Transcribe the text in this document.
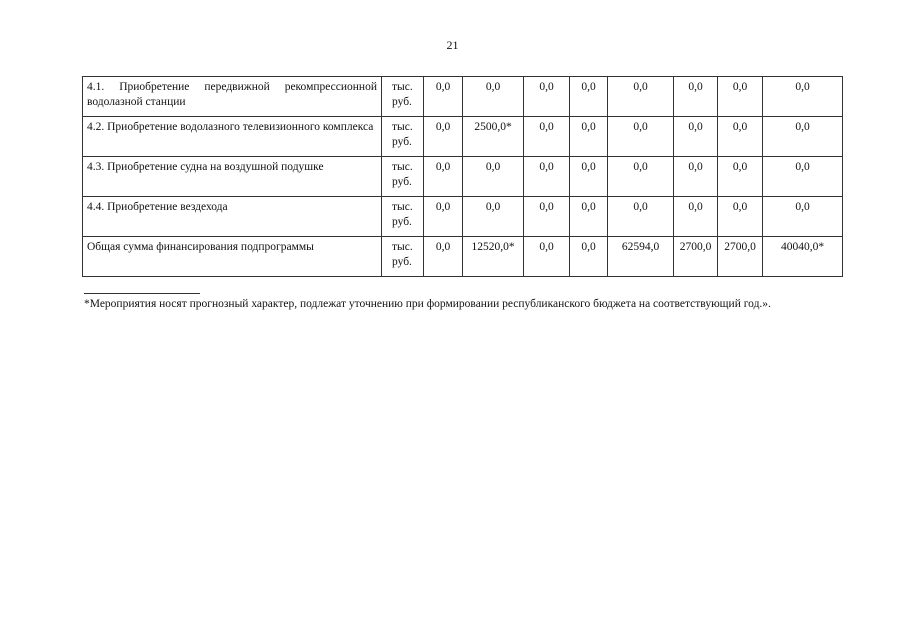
21
4.1. Приобретение передвижной рекомпрессионной водолазной станции	тыс. руб.	0,0	0,0	0,0	0,0	0,0	0,0	0,0	0,0
4.2. Приобретение водолазного телевизионного комплекса	тыс. руб.	0,0	2500,0*	0,0	0,0	0,0	0,0	0,0	0,0
4.3. Приобретение судна на воздушной подушке	тыс. руб.	0,0	0,0	0,0	0,0	0,0	0,0	0,0	0,0
4.4. Приобретение вездехода	тыс. руб.	0,0	0,0	0,0	0,0	0,0	0,0	0,0	0,0
Общая сумма финансирования подпрограммы	тыс. руб.	0,0	12520,0*	0,0	0,0	62594,0	2700,0	2700,0	40040,0*
*Мероприятия носят прогнозный характер, подлежат уточнению при формировании республиканского бюджета на соответствующий год.».
